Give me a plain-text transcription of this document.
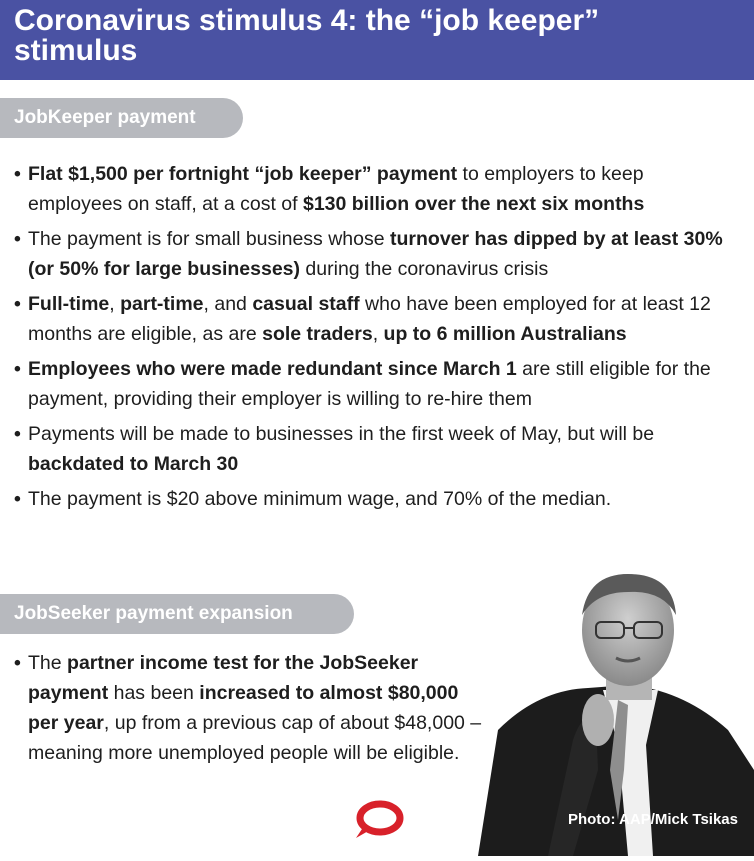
Coronavirus stimulus 4: the “job keeper” stimulus
JobKeeper payment
• Flat $1,500 per fortnight “job keeper” payment to employers to keep employees on staff, at a cost of $130 billion over the next six months
• The payment is for small business whose turnover has dipped by at least 30% (or 50% for large businesses) during the coronavirus crisis
• Full-time, part-time, and casual staff who have been employed for at least 12 months are eligible, as are sole traders, up to 6 million Australians
• Employees who were made redundant since March 1 are still eligible for the payment, providing their employer is willing to re-hire them
• Payments will be made to businesses in the first week of May, but will be backdated to March 30
• The payment is $20 above minimum wage, and 70% of the median.
JobSeeker payment expansion
• The partner income test for the JobSeeker payment has been increased to almost $80,000 per year, up from a previous cap of about $48,000 – meaning more unemployed people will be eligible.
Photo: AAP/Mick Tsikas
